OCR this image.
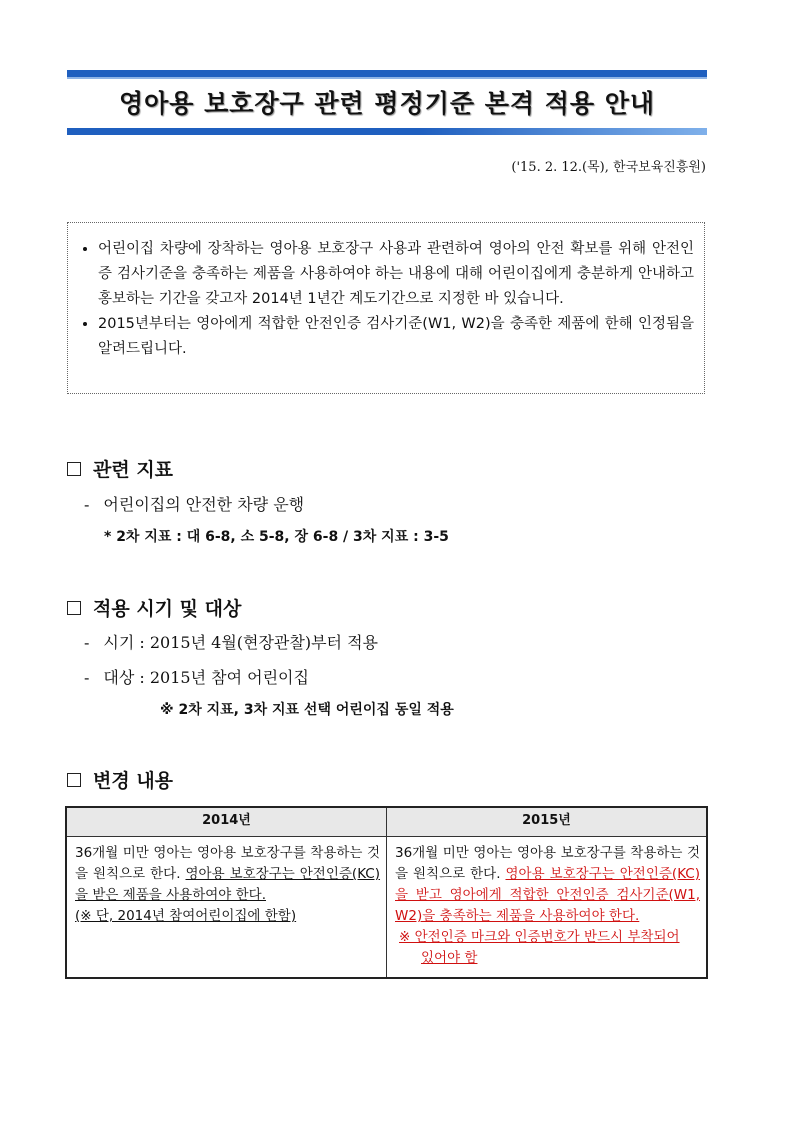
영아용 보호장구 관련 평정기준 본격 적용 안내
('15. 2. 12.(목), 한국보육진흥원)
• 어린이집 차량에 장착하는 영아용 보호장구 사용과 관련하여 영아의 안전 확보를 위해 안전인증 검사기준을 충족하는 제품을 사용하여야 하는 내용에 대해 어린이집에게 충분하게 안내하고 홍보하는 기간을 갖고자 2014년 1년간 계도기간으로 지정한 바 있습니다.
• 2015년부터는 영아에게 적합한 안전인증 검사기준(W1, W2)을 충족한 제품에 한해 인정됨을 알려드립니다.
관련 지표
- 어린이집의 안전한 차량 운행
* 2차 지표 : 대 6-8, 소 5-8, 장 6-8 / 3차 지표 : 3-5
적용 시기 및 대상
- 시기 : 2015년 4월(현장관찰)부터 적용
- 대상 : 2015년 참여 어린이집
※ 2차 지표, 3차 지표 선택 어린이집 동일 적용
변경 내용
2014년	2015년
36개월 미만 영아는 영아용 보호장구를 착용하는 것을 원칙으로 한다. 영아용 보호장구는 안전인증(KC)을 받은 제품을 사용하여야 한다.
(※ 단, 2014년 참여어린이집에 한함)	36개월 미만 영아는 영아용 보호장구를 착용하는 것을 원칙으로 한다. 영아용 보호장구는 안전인증(KC)을 받고 영아에게 적합한 안전인증 검사기준(W1, W2)을 충족하는 제품을 사용하여야 한다.
※ 안전인증 마크와 인증번호가 반드시 부착되어
있어야 함
